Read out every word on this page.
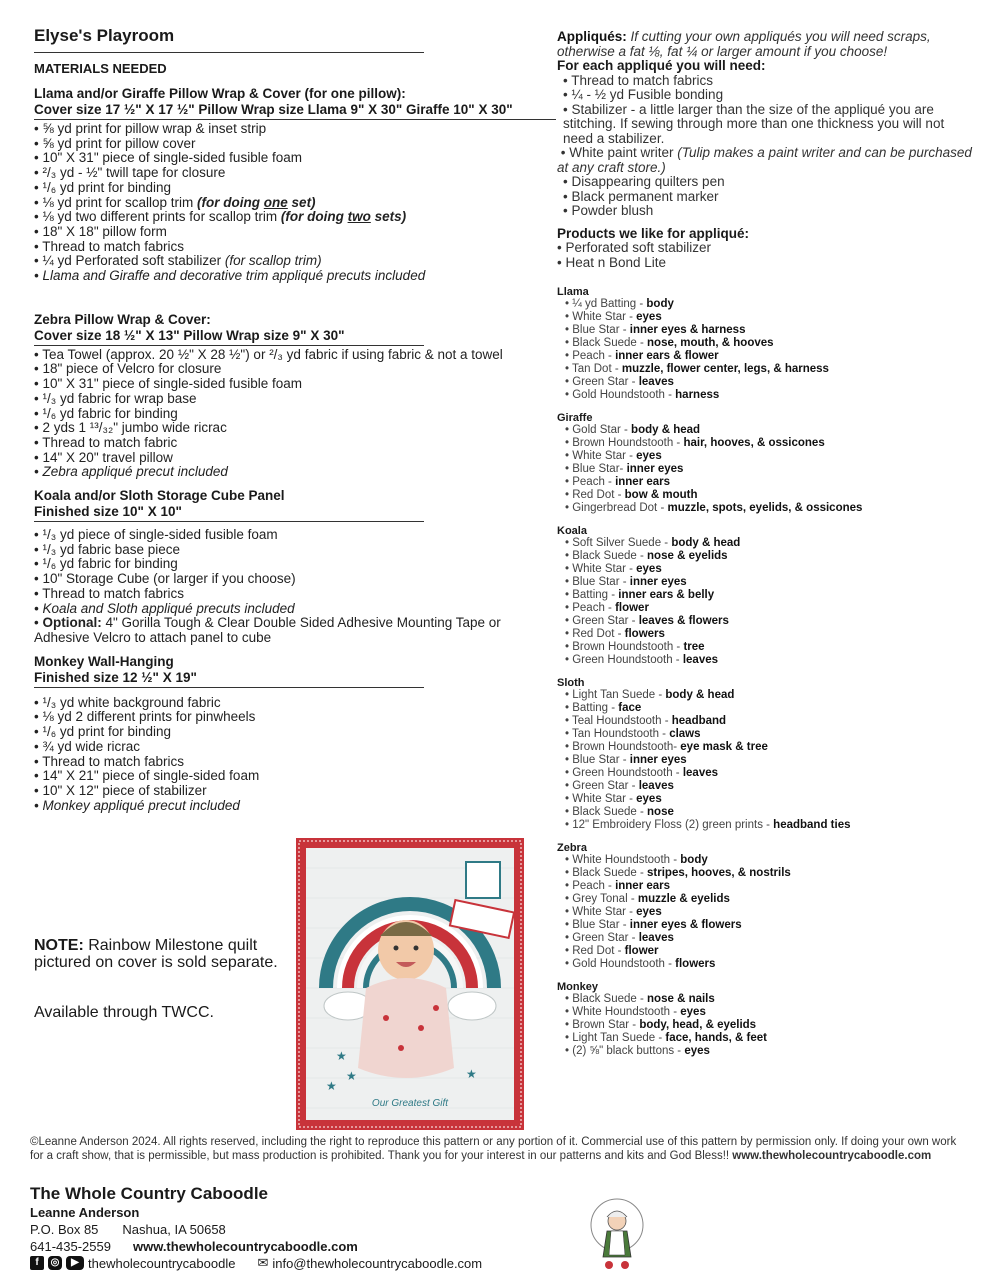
Elyse's Playroom
MATERIALS NEEDED
Llama and/or Giraffe Pillow Wrap & Cover (for one pillow):
Cover size 17 ½" X 17 ½" Pillow Wrap size Llama 9" X 30" Giraffe 10" X 30"
• ⅝ yd print for pillow wrap & inset strip
• ⅝ yd print for pillow cover
• 10" X 31" piece of single-sided fusible foam
• ²/₃ yd - ½" twill tape for closure
• ¹/₆ yd print for binding
• ⅛ yd print for scallop trim (for doing one set)
• ⅛ yd two different prints for scallop trim (for doing two sets)
• 18" X 18" pillow form
• Thread to match fabrics
• ¼ yd Perforated soft stabilizer (for scallop trim)
• Llama and Giraffe and decorative trim appliqué precuts included
Zebra Pillow Wrap & Cover:
Cover size 18 ½" X 13" Pillow Wrap size 9" X 30"
• Tea Towel (approx. 20 ½" X 28 ½") or ²/₃ yd fabric if using fabric & not a towel
• 18" piece of Velcro for closure
• 10" X 31" piece of single-sided fusible foam
• ¹/₃ yd fabric for wrap base
• ¹/₆ yd fabric for binding
• 2 yds 1 ¹³/₃₂" jumbo wide ricrac
• Thread to match fabric
• 14" X 20" travel pillow
• Zebra appliqué precut included
Koala and/or Sloth Storage Cube Panel
Finished size 10" X 10"
• ¹/₃ yd piece of single-sided fusible foam
• ¹/₃ yd fabric base piece
• ¹/₆ yd fabric for binding
• 10" Storage Cube (or larger if you choose)
• Thread to match fabrics
• Koala and Sloth appliqué precuts included
• Optional: 4" Gorilla Tough & Clear Double Sided Adhesive Mounting Tape or Adhesive Velcro to attach panel to cube
Monkey Wall-Hanging
Finished size 12 ½" X 19"
• ¹/₃ yd white background fabric
• ⅛ yd 2 different prints for pinwheels
• ¹/₆ yd print for binding
• ¾ yd wide ricrac
• Thread to match fabrics
• 14" X 21" piece of single-sided foam
• 10" X 12" piece of stabilizer
• Monkey appliqué precut included
NOTE: Rainbow Milestone quilt pictured on cover is sold separate.
Available through TWCC.
★
★
★
★
Our Greatest Gift
Appliqués: If cutting your own appliqués you will need scraps, otherwise a fat ⅛, fat ¼ or larger amount if you choose!
For each appliqué you will need:
• Thread to match fabrics
• ¼ - ½ yd Fusible bonding
• Stabilizer - a little larger than the size of the appliqué you are stitching. If sewing through more than one thickness you will not need a stabilizer.
• White paint writer (Tulip makes a paint writer and can be purchased at any craft store.)
• Disappearing quilters pen
• Black permanent marker
• Powder blush
Products we like for appliqué:
• Perforated soft stabilizer
• Heat n Bond Lite
Llama
• ¼ yd Batting - body
• White Star - eyes
• Blue Star - inner eyes & harness
• Black Suede - nose, mouth, & hooves
• Peach - inner ears & flower
• Tan Dot - muzzle, flower center, legs, & harness
• Green Star - leaves
• Gold Houndstooth - harness
Giraffe
• Gold Star - body & head
• Brown Houndstooth - hair, hooves, & ossicones
• White Star - eyes
• Blue Star- inner eyes
• Peach - inner ears
• Red Dot - bow & mouth
• Gingerbread Dot - muzzle, spots, eyelids, & ossicones
Koala
• Soft Silver Suede - body & head
• Black Suede - nose & eyelids
• White Star - eyes
• Blue Star - inner eyes
• Batting - inner ears & belly
• Peach - flower
• Green Star - leaves & flowers
• Red Dot - flowers
• Brown Houndstooth - tree
• Green Houndstooth - leaves
Sloth
• Light Tan Suede - body & head
• Batting - face
• Teal Houndstooth - headband
• Tan Houndstooth - claws
• Brown Houndstooth- eye mask & tree
• Blue Star - inner eyes
• Green Houndstooth - leaves
• Green Star - leaves
• White Star - eyes
• Black Suede - nose
• 12" Embroidery Floss (2) green prints - headband ties
Zebra
• White Houndstooth - body
• Black Suede - stripes, hooves, & nostrils
• Peach - inner ears
• Grey Tonal - muzzle & eyelids
• White Star - eyes
• Blue Star - inner eyes & flowers
• Green Star - leaves
• Red Dot - flower
• Gold Houndstooth - flowers
Monkey
• Black Suede - nose & nails
• White Houndstooth - eyes
• Brown Star - body, head, & eyelids
• Light Tan Suede - face, hands, & feet
• (2) ⅝" black buttons - eyes
©Leanne Anderson 2024. All rights reserved, including the right to reproduce this pattern or any portion of it. Commercial use of this pattern by permission only. If doing your own work for a craft show, that is permissible, but mass production is prohibited. Thank you for your interest in our patterns and kits and God Bless!! www.thewholecountrycaboodle.com
The Whole Country Caboodle
Leanne Anderson
P.O. Box 85 Nashua, IA 50658
641-435-2559 www.thewholecountrycaboodle.com
f	◎	▶ thewholecountrycaboodle ✉ info@thewholecountrycaboodle.com
